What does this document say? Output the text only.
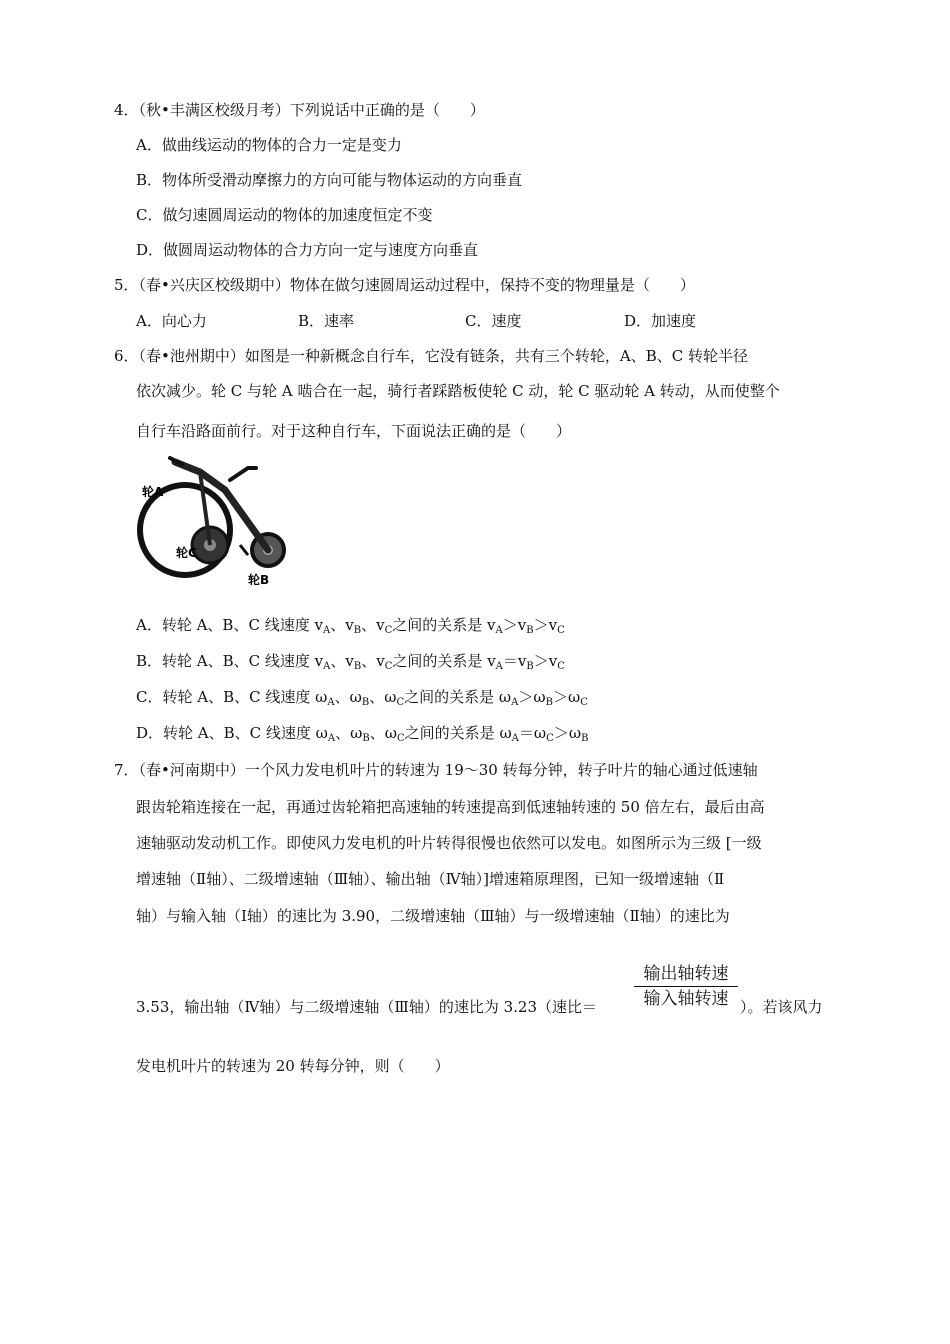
4．（秋•丰满区校级月考）下列说话中正确的是（　　）
A．做曲线运动的物体的合力一定是变力
B．物体所受滑动摩擦力的方向可能与物体运动的方向垂直
C．做匀速圆周运动的物体的加速度恒定不变
D．做圆周运动物体的合力方向一定与速度方向垂直
5．（春•兴庆区校级期中）物体在做匀速圆周运动过程中，保持不变的物理量是（　　）
A．向心力	B．速率	C．速度	D．加速度
6．（春•池州期中）如图是一种新概念自行车，它没有链条，共有三个转轮，A、B、C 转轮半径
依次减少。轮 C 与轮 A 啮合在一起，骑行者踩踏板使轮 C 动，轮 C 驱动轮 A 转动，从而使整个
自行车沿路面前行。对于这种自行车，下面说法正确的是（　　）
轮A
轮C
轮B
A．转轮 A、B、C 线速度 $v_A$、$v_B$、$v_C$之间的关系是 $v_A>v_B>v_C$
B．转轮 A、B、C 线速度 $v_A$、$v_B$、$v_C$之间的关系是 $v_A=v_B>v_C$
C．转轮 A、B、C 线速度 $\omega_A$、$\omega_B$、$\omega_C$之间的关系是 $\omega_A>\omega_B>\omega_C$
D．转轮 A、B、C 线速度 $\omega_A$、$\omega_B$、$\omega_C$之间的关系是 $\omega_A=\omega_C>\omega_B$
7．（春•河南期中）一个风力发电机叶片的转速为 19～30 转每分钟，转子叶片的轴心通过低速轴
跟齿轮箱连接在一起，再通过齿轮箱把高速轴的转速提高到低速轴转速的 50 倍左右，最后由高
速轴驱动发动机工作。即使风力发电机的叶片转得很慢也依然可以发电。如图所示为三级 [一级
增速轴（Ⅱ轴）、二级增速轴（Ⅲ轴）、输出轴（Ⅳ轴）]增速箱原理图，已知一级增速轴（Ⅱ
轴）与输入轴（Ⅰ轴）的速比为 3.90，二级增速轴（Ⅲ轴）与一级增速轴（Ⅱ轴）的速比为
3.53，输出轴（Ⅳ轴）与二级增速轴（Ⅲ轴）的速比为 3.23（速比＝
输出轴转速
输入轴转速 ）。若该风力
发电机叶片的转速为 20 转每分钟，则（　　）
